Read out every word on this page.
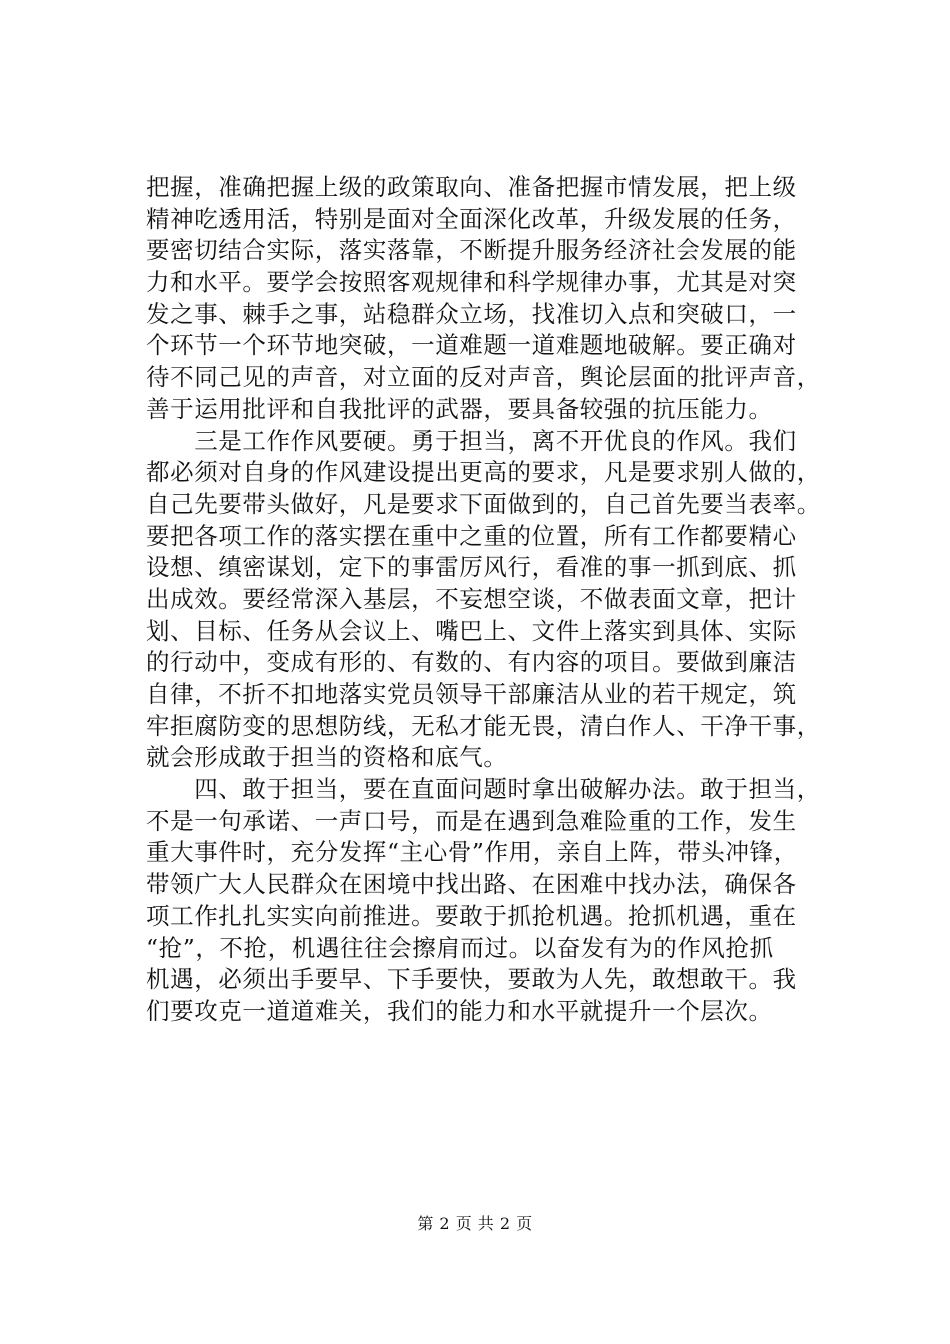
把握，准确把握上级的政策取向、准备把握市情发展，把上级
精神吃透用活，特别是面对全面深化改革，升级发展的任务，
要密切结合实际，落实落靠，不断提升服务经济社会发展的能
力和水平。要学会按照客观规律和科学规律办事，尤其是对突
发之事、棘手之事，站稳群众立场，找准切入点和突破口，一
个环节一个环节地突破，一道难题一道难题地破解。要正确对
待不同己见的声音，对立面的反对声音，舆论层面的批评声音，
善于运用批评和自我批评的武器，要具备较强的抗压能力。
　　三是工作作风要硬。勇于担当，离不开优良的作风。我们
都必须对自身的作风建设提出更高的要求，凡是要求别人做的，
自己先要带头做好，凡是要求下面做到的，自己首先要当表率。
要把各项工作的落实摆在重中之重的位置，所有工作都要精心
设想、缜密谋划，定下的事雷厉风行，看准的事一抓到底、抓
出成效。要经常深入基层，不妄想空谈，不做表面文章，把计
划、目标、任务从会议上、嘴巴上、文件上落实到具体、实际
的行动中，变成有形的、有数的、有内容的项目。要做到廉洁
自律，不折不扣地落实党员领导干部廉洁从业的若干规定，筑
牢拒腐防变的思想防线，无私才能无畏，清白作人、干净干事，
就会形成敢于担当的资格和底气。
　　四、敢于担当，要在直面问题时拿出破解办法。敢于担当，
不是一句承诺、一声口号，而是在遇到急难险重的工作，发生
重大事件时，充分发挥“主心骨”作用，亲自上阵，带头冲锋，
带领广大人民群众在困境中找出路、在困难中找办法，确保各
项工作扎扎实实向前推进。要敢于抓抢机遇。抢抓机遇，重在
“抢”，不抢，机遇往往会擦肩而过。以奋发有为的作风抢抓
机遇，必须出手要早、下手要快，要敢为人先，敢想敢干。我
们要攻克一道道难关，我们的能力和水平就提升一个层次。
第 2 页 共 2 页
